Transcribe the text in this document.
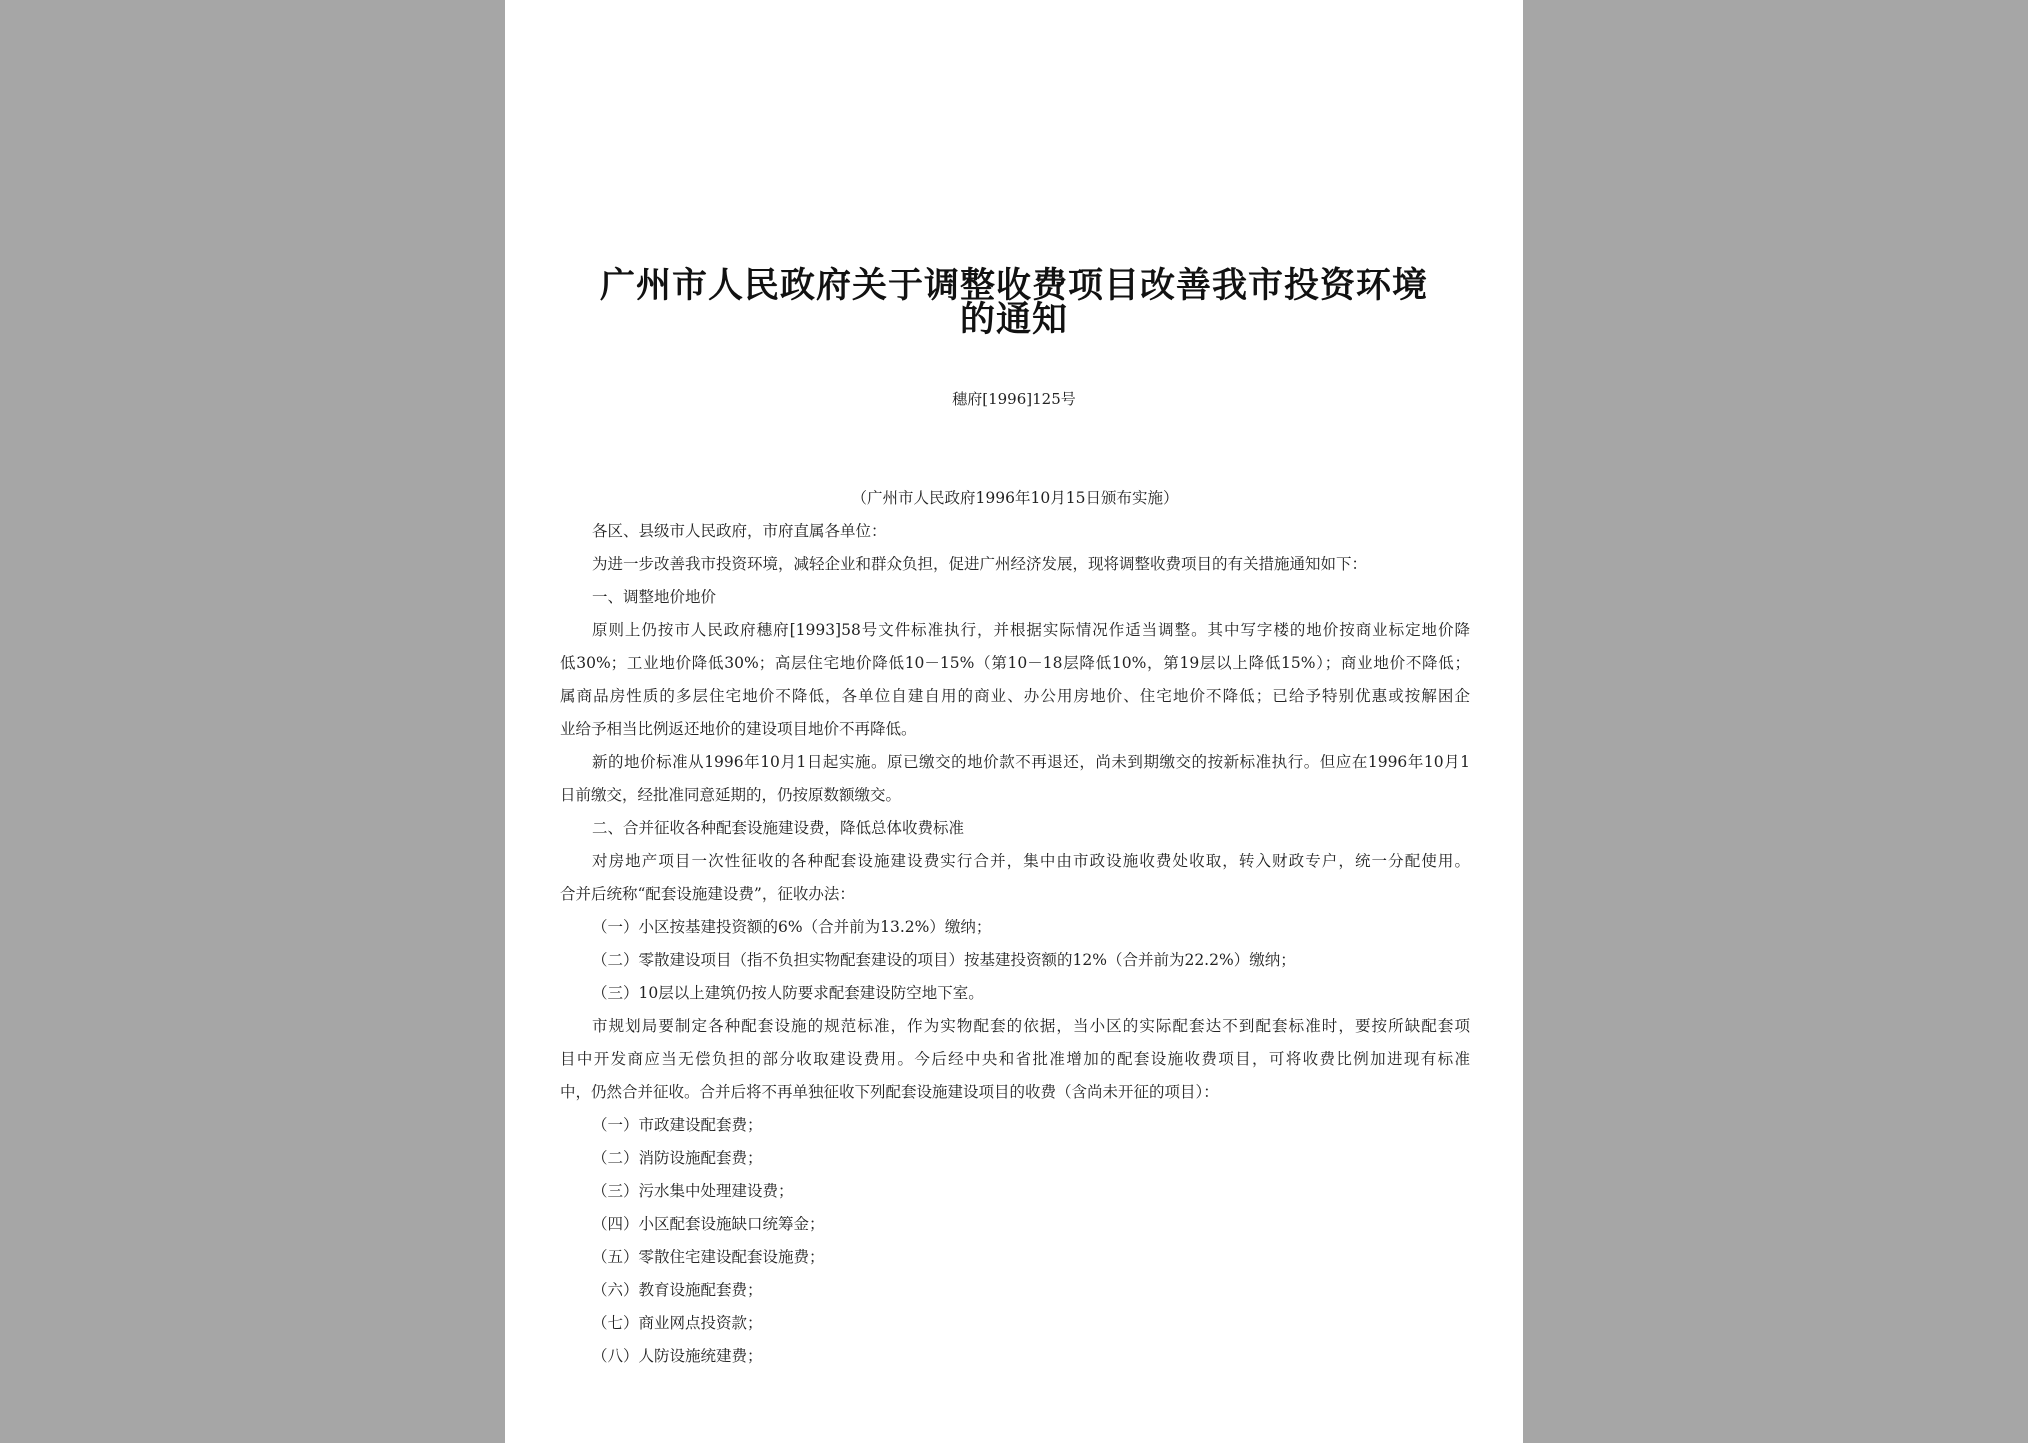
广州市人民政府关于调整收费项目改善我市投资环境
的通知
穗府[1996]125号
（广州市人民政府1996年10月15日颁布实施）
各区、县级市人民政府，市府直属各单位：
为进一步改善我市投资环境，减轻企业和群众负担，促进广州经济发展，现将调整收费项目的有关措施通知如下：
一、调整地价地价
原则上仍按市人民政府穗府[1993]58号文件标准执行，并根据实际情况作适当调整。其中写字楼的地价按商业标定地价降
低30%；工业地价降低30%；高层住宅地价降低10－15%（第10－18层降低10%，第19层以上降低15%）；商业地价不降低；
属商品房性质的多层住宅地价不降低，各单位自建自用的商业、办公用房地价、住宅地价不降低；已给予特别优惠或按解困企
业给予相当比例返还地价的建设项目地价不再降低。
新的地价标准从1996年10月1日起实施。原已缴交的地价款不再退还，尚未到期缴交的按新标准执行。但应在1996年10月1
日前缴交，经批准同意延期的，仍按原数额缴交。
二、合并征收各种配套设施建设费，降低总体收费标准
对房地产项目一次性征收的各种配套设施建设费实行合并，集中由市政设施收费处收取，转入财政专户，统一分配使用。
合并后统称“配套设施建设费”，征收办法：
（一）小区按基建投资额的6%（合并前为13.2%）缴纳；
（二）零散建设项目（指不负担实物配套建设的项目）按基建投资额的12%（合并前为22.2%）缴纳；
（三）10层以上建筑仍按人防要求配套建设防空地下室。
市规划局要制定各种配套设施的规范标准，作为实物配套的依据，当小区的实际配套达不到配套标准时，要按所缺配套项
目中开发商应当无偿负担的部分收取建设费用。今后经中央和省批准增加的配套设施收费项目，可将收费比例加进现有标准
中，仍然合并征收。合并后将不再单独征收下列配套设施建设项目的收费（含尚未开征的项目）：
（一）市政建设配套费；
（二）消防设施配套费；
（三）污水集中处理建设费；
（四）小区配套设施缺口统筹金；
（五）零散住宅建设配套设施费；
（六）教育设施配套费；
（七）商业网点投资款；
（八）人防设施统建费；
